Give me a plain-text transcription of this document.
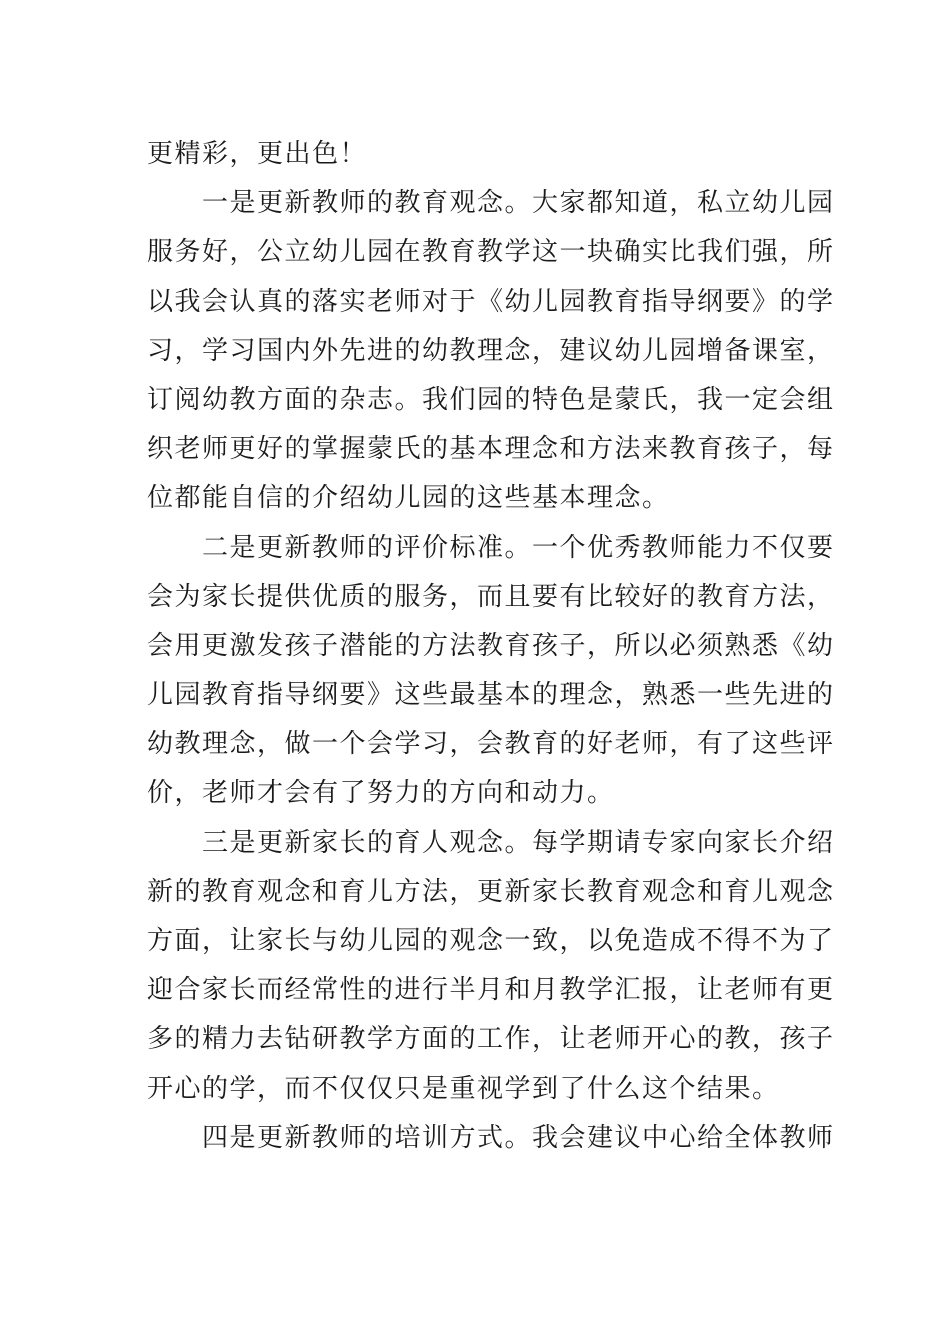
更精彩，更出色！
一是更新教师的教育观念。大家都知道，私立幼儿园
服务好，公立幼儿园在教育教学这一块确实比我们强，所
以我会认真的落实老师对于《幼儿园教育指导纲要》的学
习，学习国内外先进的幼教理念，建议幼儿园增备课室，
订阅幼教方面的杂志。我们园的特色是蒙氏，我一定会组
织老师更好的掌握蒙氏的基本理念和方法来教育孩子，每
位都能自信的介绍幼儿园的这些基本理念。
二是更新教师的评价标准。一个优秀教师能力不仅要
会为家长提供优质的服务，而且要有比较好的教育方法，
会用更激发孩子潜能的方法教育孩子，所以必须熟悉《幼
儿园教育指导纲要》这些最基本的理念，熟悉一些先进的
幼教理念，做一个会学习，会教育的好老师，有了这些评
价，老师才会有了努力的方向和动力。
三是更新家长的育人观念。每学期请专家向家长介绍
新的教育观念和育儿方法，更新家长教育观念和育儿观念
方面，让家长与幼儿园的观念一致，以免造成不得不为了
迎合家长而经常性的进行半月和月教学汇报，让老师有更
多的精力去钻研教学方面的工作，让老师开心的教，孩子
开心的学，而不仅仅只是重视学到了什么这个结果。
四是更新教师的培训方式。我会建议中心给全体教师
